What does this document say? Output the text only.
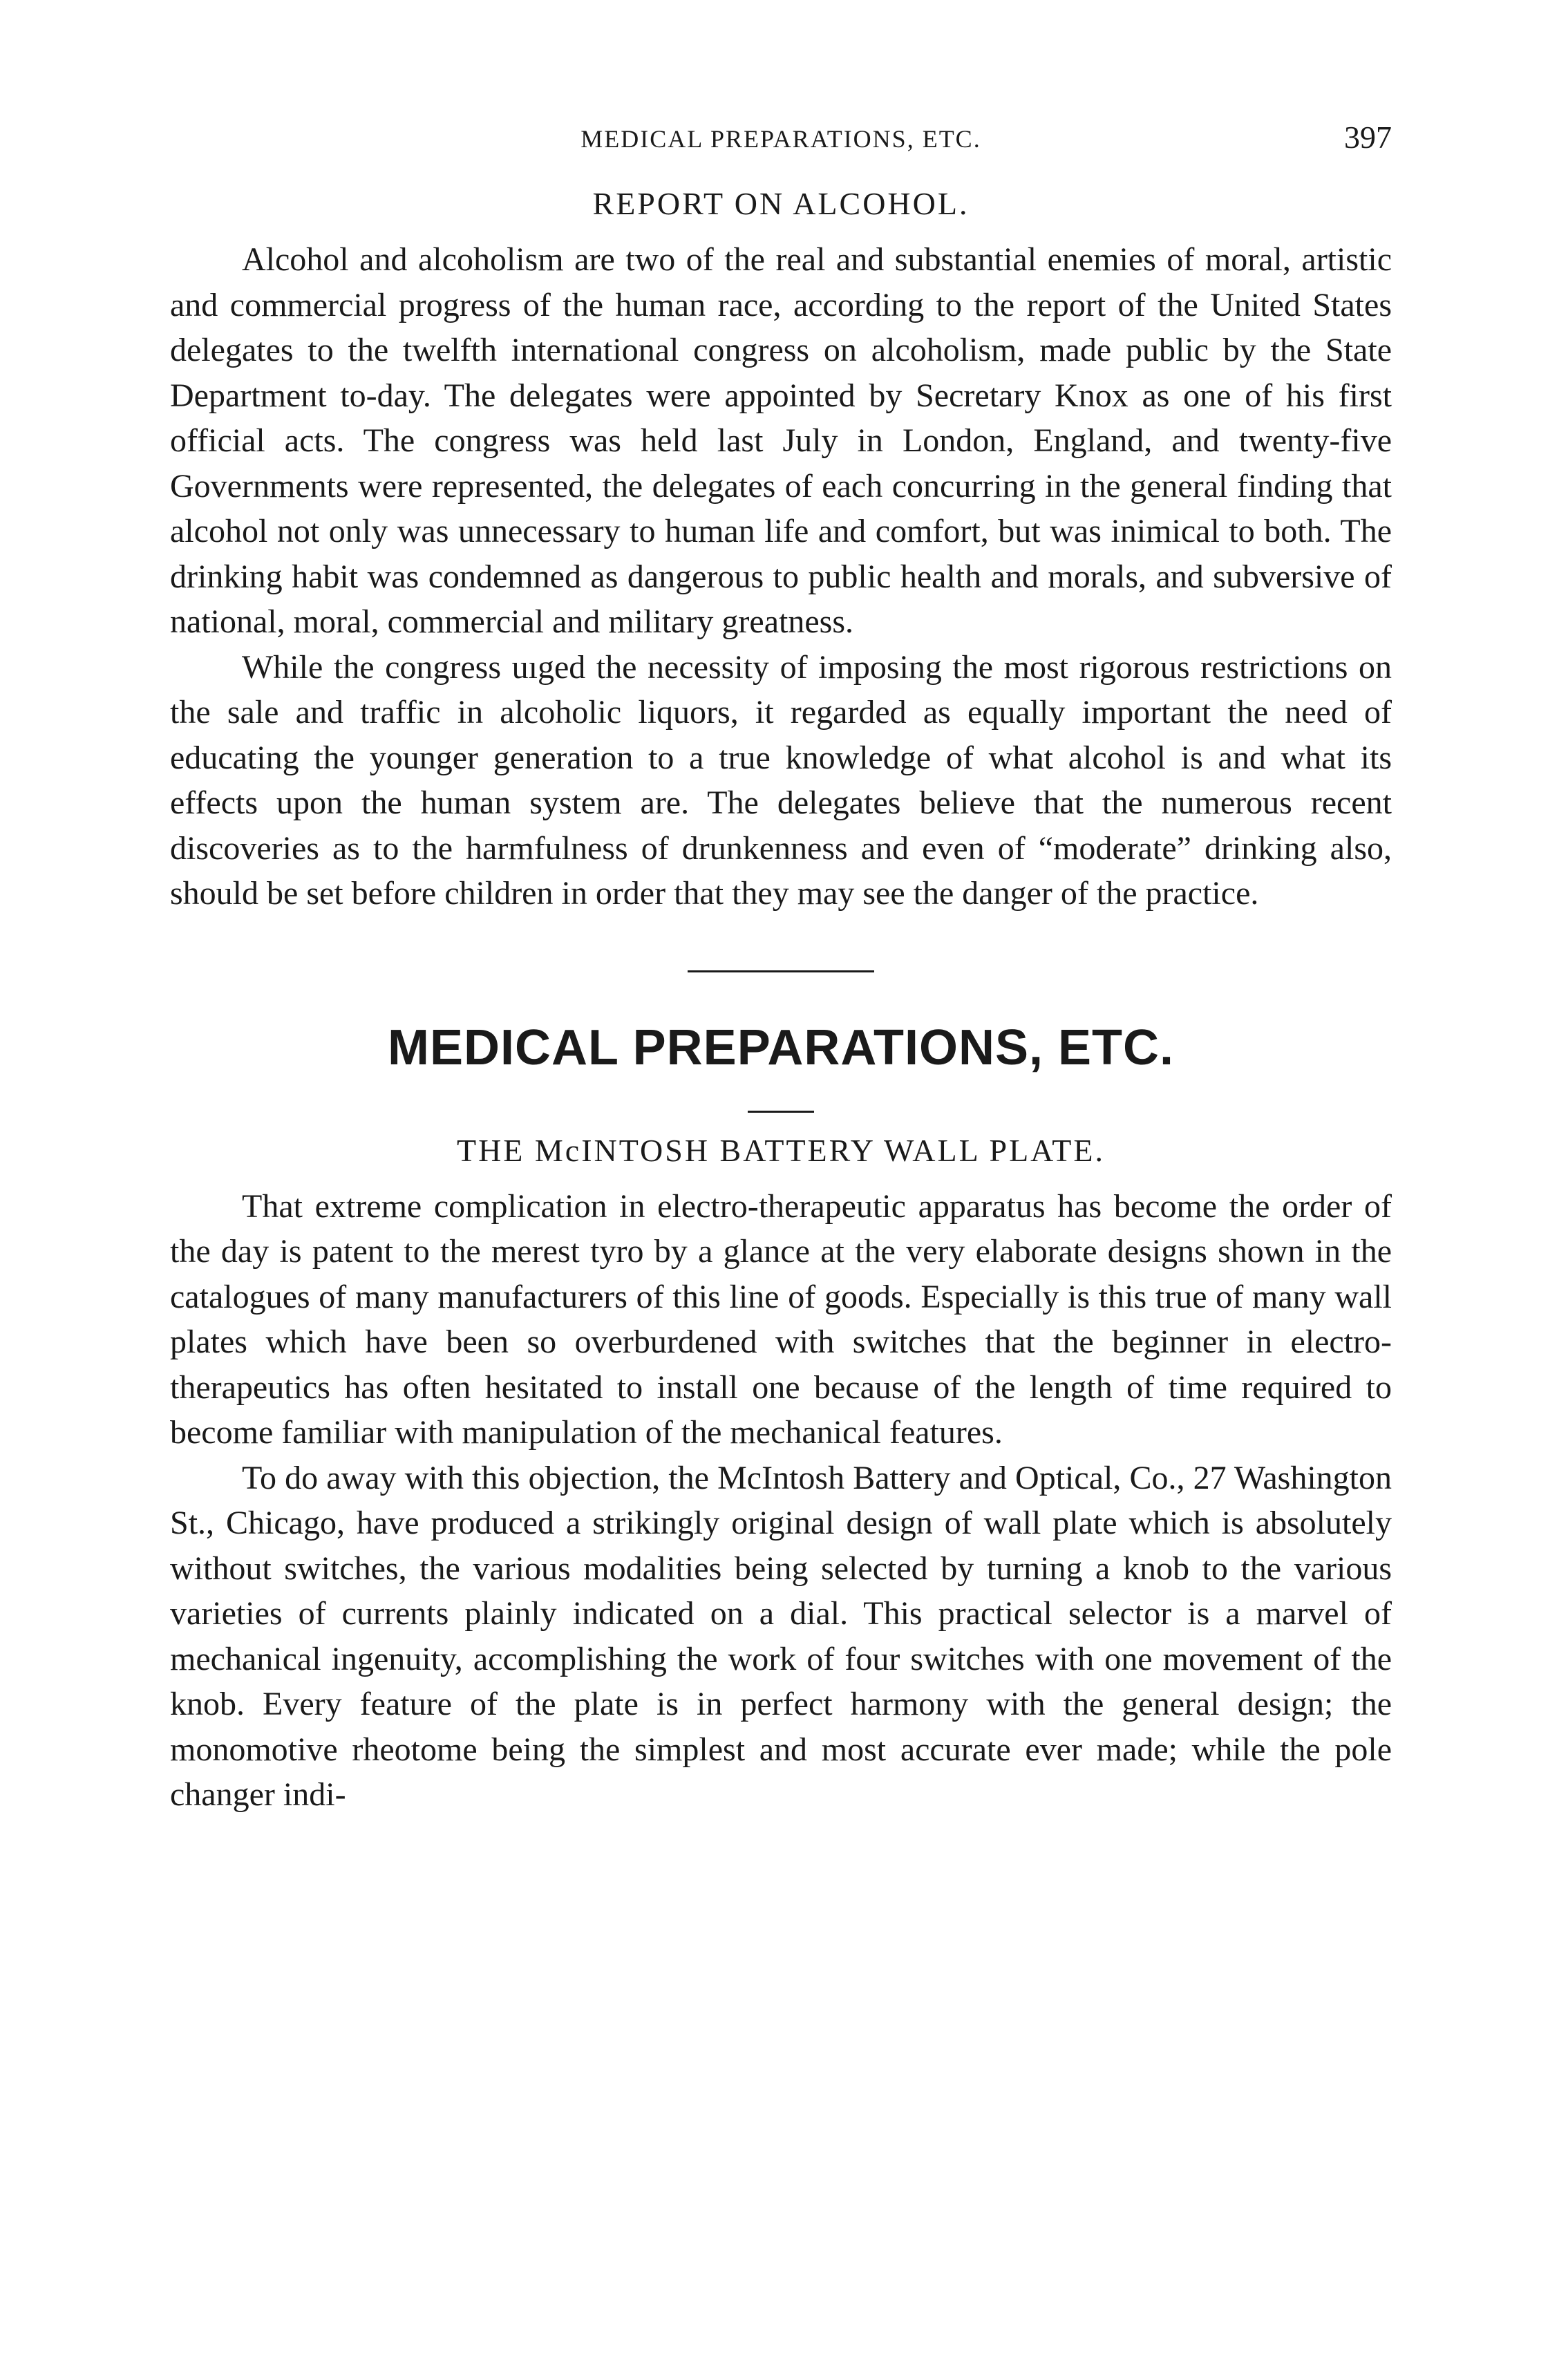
MEDICAL PREPARATIONS, ETC.	397
REPORT ON ALCOHOL.

Alcohol and alcoholism are two of the real and substantial enemies of moral, artistic and commercial progress of the human race, according to the report of the United States delegates to the twelfth international congress on alcoholism, made public by the State Department to-day. The delegates were appointed by Secretary Knox as one of his first official acts. The congress was held last July in London, England, and twenty-five Governments were represented, the delegates of each concurring in the general finding that alcohol not only was unnecessary to human life and comfort, but was inimical to both. The drinking habit was condemned as dangerous to public health and morals, and subversive of national, moral, commercial and military greatness.

While the congress uıged the necessity of imposing the most rigorous restrictions on the sale and traffic in alcoholic liquors, it regarded as equally important the need of educating the younger generation to a true knowledge of what alcohol is and what its effects upon the human system are. The delegates believe that the numerous recent discoveries as to the harmfulness of drunkenness and even of “moderate” drinking also, should be set before children in order that they may see the danger of the practice.

MEDICAL PREPARATIONS, ETC.
THE McINTOSH BATTERY WALL PLATE.

That extreme complication in electro-therapeutic apparatus has become the order of the day is patent to the merest tyro by a glance at the very elaborate designs shown in the catalogues of many manufacturers of this line of goods. Especially is this true of many wall plates which have been so overburdened with switches that the beginner in electro-therapeutics has often hesitated to install one because of the length of time required to become familiar with manipulation of the mechanical features.

To do away with this objection, the McIntosh Battery and Optical, Co., 27 Washington St., Chicago, have produced a strikingly original design of wall plate which is absolutely without switches, the various modalities being selected by turning a knob to the various varieties of currents plainly indicated on a dial. This practical selector is a marvel of mechanical ingenuity, accomplishing the work of four switches with one movement of the knob. Every feature of the plate is in perfect harmony with the general design; the monomotive rheotome being the simplest and most accurate ever made; while the pole changer indi-
